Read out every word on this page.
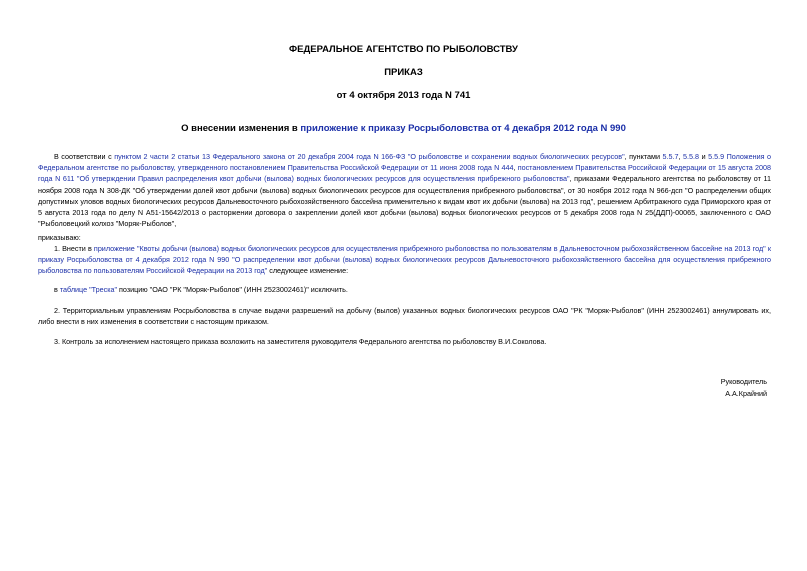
ФЕДЕРАЛЬНОЕ АГЕНТСТВО ПО РЫБОЛОВСТВУ
ПРИКАЗ
от 4 октября 2013 года N 741
О внесении изменения в приложение к приказу Росрыболовства от 4 декабря 2012 года N 990
В соответствии с пунктом 2 части 2 статьи 13 Федерального закона от 20 декабря 2004 года N 166-ФЗ "О рыболовстве и сохранении водных биологических ресурсов", пунктами 5.5.7, 5.5.8 и 5.5.9 Положения о Федеральном агентстве по рыболовству, утвержденного постановлением Правительства Российской Федерации от 11 июня 2008 года N 444, постановлением Правительства Российской Федерации от 15 августа 2008 года N 611 "Об утверждении Правил распределения квот добычи (вылова) водных биологических ресурсов для осуществления прибрежного рыболовства", приказами Федерального агентства по рыболовству от 11 ноября 2008 года N 308-ДК "Об утверждении долей квот добычи (вылова) водных биологических ресурсов для осуществления прибрежного рыболовства", от 30 ноября 2012 года N 966-дсп "О распределении общих допустимых уловов водных биологических ресурсов Дальневосточного рыбохозяйственного бассейна применительно к видам квот их добычи (вылова) на 2013 год", решением Арбитражного суда Приморского края от 5 августа 2013 года по делу N А51-15642/2013 о расторжении договора о закреплении долей квот добычи (вылова) водных биологических ресурсов от 5 декабря 2008 года N 25(ДДП)-00065, заключенного с ОАО "Рыболовецкий колхоз "Моряк-Рыболов",
приказываю:
1. Внести в приложение "Квоты добычи (вылова) водных биологических ресурсов для осуществления прибрежного рыболовства по пользователям в Дальневосточном рыбохозяйственном бассейне на 2013 год" к приказу Росрыболовства от 4 декабря 2012 года N 990 "О распределении квот добычи (вылова) водных биологических ресурсов Дальневосточного рыбохозяйственного бассейна для осуществления прибрежного рыболовства по пользователям Российской Федерации на 2013 год" следующее изменение:
в таблице "Треска" позицию "ОАО "РК "Моряк-Рыболов" (ИНН 2523002461)" исключить.
2. Территориальным управлениям Росрыболовства в случае выдачи разрешений на добычу (вылов) указанных водных биологических ресурсов ОАО "РК "Моряк-Рыболов" (ИНН 2523002461) аннулировать их, либо внести в них изменения в соответствии с настоящим приказом.
3. Контроль за исполнением настоящего приказа возложить на заместителя руководителя Федерального агентства по рыболовству В.И.Соколова.
Руководитель
А.А.Крайний
